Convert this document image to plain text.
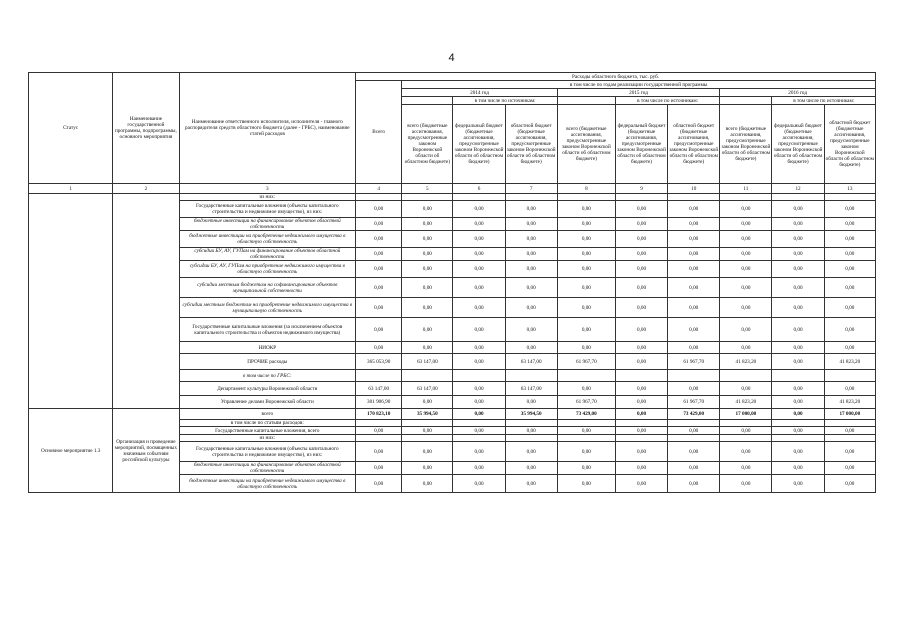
4
Статус	Наименование государственной программы, подпрограммы, основного мероприятия	Наименование ответственного исполнителя, исполнителя - главного распорядителя средств областного бюджета (далее - ГРБС), наименование статей расходов	Расходы областного бюджета, тыс. руб.									
			Всего	в том числе по годам реализации государственной программы								
				2014 год			2015 год			2016 год		
					в том числе по источникам:			в том числе по источникам:			в том числе по источникам:	
				всего (бюджетные ассигнования, предусмотренные законом Воронежской области об областном бюджете)	федеральный бюджет (бюджетные ассигнования, предусмотренные законом Воронежской области об областном бюджете)	областной бюджет (бюджетные ассигнования, предусмотренные законом Воронежской области об областном бюджете)	всего (бюджетные ассигнования, предусмотренные законом Воронежской области об областном бюджете)	федеральный бюджет (бюджетные ассигнования, предусмотренные законом Воронежской области об областном бюджете)	областной бюджет (бюджетные ассигнования, предусмотренные законом Воронежской области об областном бюджете)	всего (бюджетные ассигнования, предусмотренные законом Воронежской области об областном бюджете)	федеральный бюджет (бюджетные ассигнования, предусмотренные законом Воронежской области об областном бюджете)	областной бюджет (бюджетные ассигнования, предусмотренные законом Воронежской области об областном бюджете)
1	2	3	4	5	6	7	8	9	10	11	12	13
		из них:										
		Государственные капитальные вложения (объекты капитального строительства и недвижимое имущество), из них:	0,00	0,00	0,00	0,00	0,00	0,00	0,00	0,00	0,00	0,00
		бюджетные инвестиции на финансирование объектов областной собственности	0,00	0,00	0,00	0,00	0,00	0,00	0,00	0,00	0,00	0,00
		бюджетные инвестиции на приобретение недвижимого имущества в областную собственность	0,00	0,00	0,00	0,00	0,00	0,00	0,00	0,00	0,00	0,00
		субсидии БУ, АУ, ГУПам на финансирование объектов областной собственности	0,00	0,00	0,00	0,00	0,00	0,00	0,00	0,00	0,00	0,00
		субсидии БУ, АУ, ГУПам на приобретение недвижимого имущества в областную собственность	0,00	0,00	0,00	0,00	0,00	0,00	0,00	0,00	0,00	0,00
		субсидии местным бюджетам на софинансирование объектов муниципальной собственности	0,00	0,00	0,00	0,00	0,00	0,00	0,00	0,00	0,00	0,00
		субсидии местным бюджетам на приобретение недвижимого имущества в муниципальную собственность	0,00	0,00	0,00	0,00	0,00	0,00	0,00	0,00	0,00	0,00
		Государственные капитальные вложения (за исключением объектов капитального строительства и объектов недвижимого имущества)	0,00	0,00	0,00	0,00	0,00	0,00	0,00	0,00	0,00	0,00
		НИОКР	0,00	0,00	0,00	0,00	0,00	0,00	0,00	0,00	0,00	0,00
		ПРОЧИЕ расходы	365 053,90	63 147,00	0,00	63 147,00	61 967,70	0,00	61 967,70	41 823,20	0,00	41 823,20
		в том числе по ГРБС:										
		Департамент культуры Воронежской области	63 147,00	63 147,00	0,00	63 147,00	0,00	0,00	0,00	0,00	0,00	0,00
		Управление делами Воронежской области	301 906,90	0,00	0,00	0,00	61 967,70	0,00	61 967,70	41 823,20	0,00	41 823,20
Основное мероприятие 1.3	Организация и проведение мероприятий, посвященных значимым событиям российской культуры	всего	170 823,10	35 994,50	0,00	35 994,50	73 429,00	0,00	73 429,00	17 000,00	0,00	17 000,00
		в том числе по статьям расходов:										
		Государственные капитальные вложения, всего	0,00	0,00	0,00	0,00	0,00	0,00	0,00	0,00	0,00	0,00
		из них:										
		Государственные капитальные вложения (объекты капитального строительства и недвижимое имущество), из них:	0,00	0,00	0,00	0,00	0,00	0,00	0,00	0,00	0,00	0,00
		бюджетные инвестиции на финансирование объектов областной собственности	0,00	0,00	0,00	0,00	0,00	0,00	0,00	0,00	0,00	0,00
		бюджетные инвестиции на приобретение недвижимого имущества в областную собственность	0,00	0,00	0,00	0,00	0,00	0,00	0,00	0,00	0,00	0,00
